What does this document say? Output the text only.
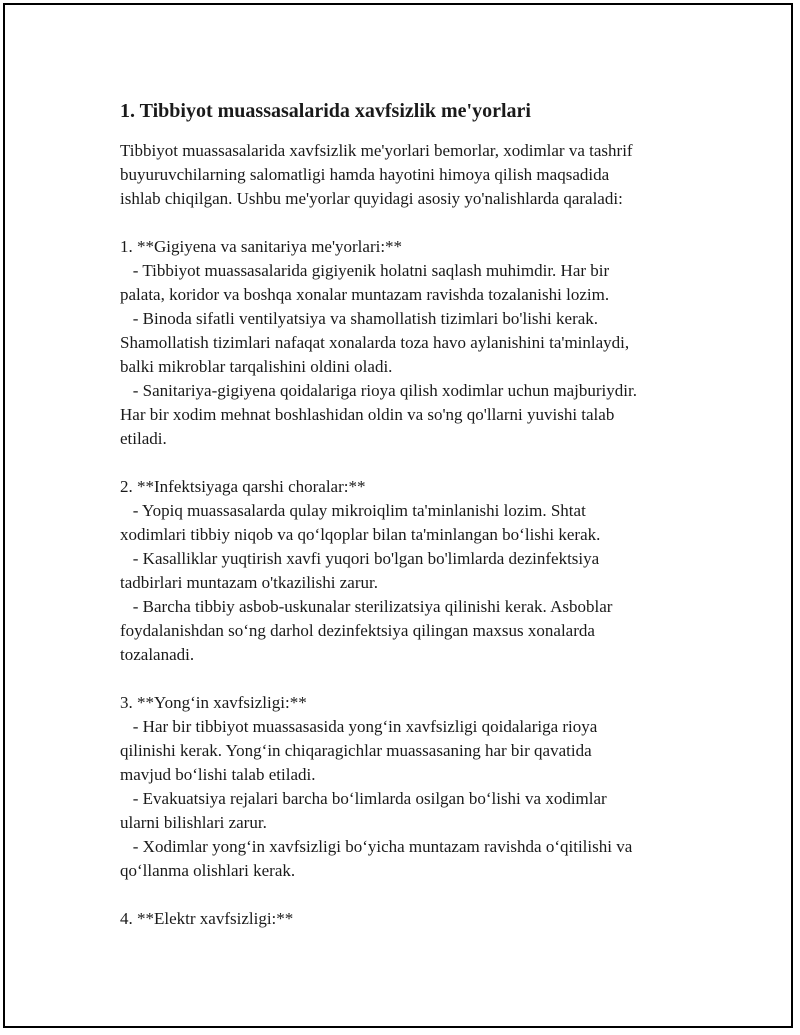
1. Tibbiyot muassasalarida xavfsizlik me'yorlari

Tibbiyot muassasalarida xavfsizlik me'yorlari bemorlar, xodimlar va tashrif

buyuruvchilarning salomatligi hamda hayotini himoya qilish maqsadida

ishlab chiqilgan. Ushbu me'yorlar quyidagi asosiy yo'nalishlarda qaraladi:

1. **Gigiyena va sanitariya me'yorlari:**

- Tibbiyot muassasalarida gigiyenik holatni saqlash muhimdir. Har bir

palata, koridor va boshqa xonalar muntazam ravishda tozalanishi lozim.

- Binoda sifatli ventilyatsiya va shamollatish tizimlari bo'lishi kerak.

Shamollatish tizimlari nafaqat xonalarda toza havo aylanishini ta'minlaydi,

balki mikroblar tarqalishini oldini oladi.

- Sanitariya-gigiyena qoidalariga rioya qilish xodimlar uchun majburiydir.

Har bir xodim mehnat boshlashidan oldin va so'ng qo'llarni yuvishi talab

etiladi.

2. **Infektsiyaga qarshi choralar:**

- Yopiq muassasalarda qulay mikroiqlim ta'minlanishi lozim. Shtat

xodimlari tibbiy niqob va qo‘lqoplar bilan ta'minlangan bo‘lishi kerak.

- Kasalliklar yuqtirish xavfi yuqori bo'lgan bo'limlarda dezinfektsiya

tadbirlari muntazam o'tkazilishi zarur.

- Barcha tibbiy asbob-uskunalar sterilizatsiya qilinishi kerak. Asboblar

foydalanishdan so‘ng darhol dezinfektsiya qilingan maxsus xonalarda

tozalanadi.

3. **Yong‘in xavfsizligi:**

- Har bir tibbiyot muassasasida yong‘in xavfsizligi qoidalariga rioya

qilinishi kerak. Yong‘in chiqaragichlar muassasaning har bir qavatida

mavjud bo‘lishi talab etiladi.

- Evakuatsiya rejalari barcha bo‘limlarda osilgan bo‘lishi va xodimlar

ularni bilishlari zarur.

- Xodimlar yong‘in xavfsizligi bo‘yicha muntazam ravishda o‘qitilishi va

qo‘llanma olishlari kerak.

4. **Elektr xavfsizligi:**
